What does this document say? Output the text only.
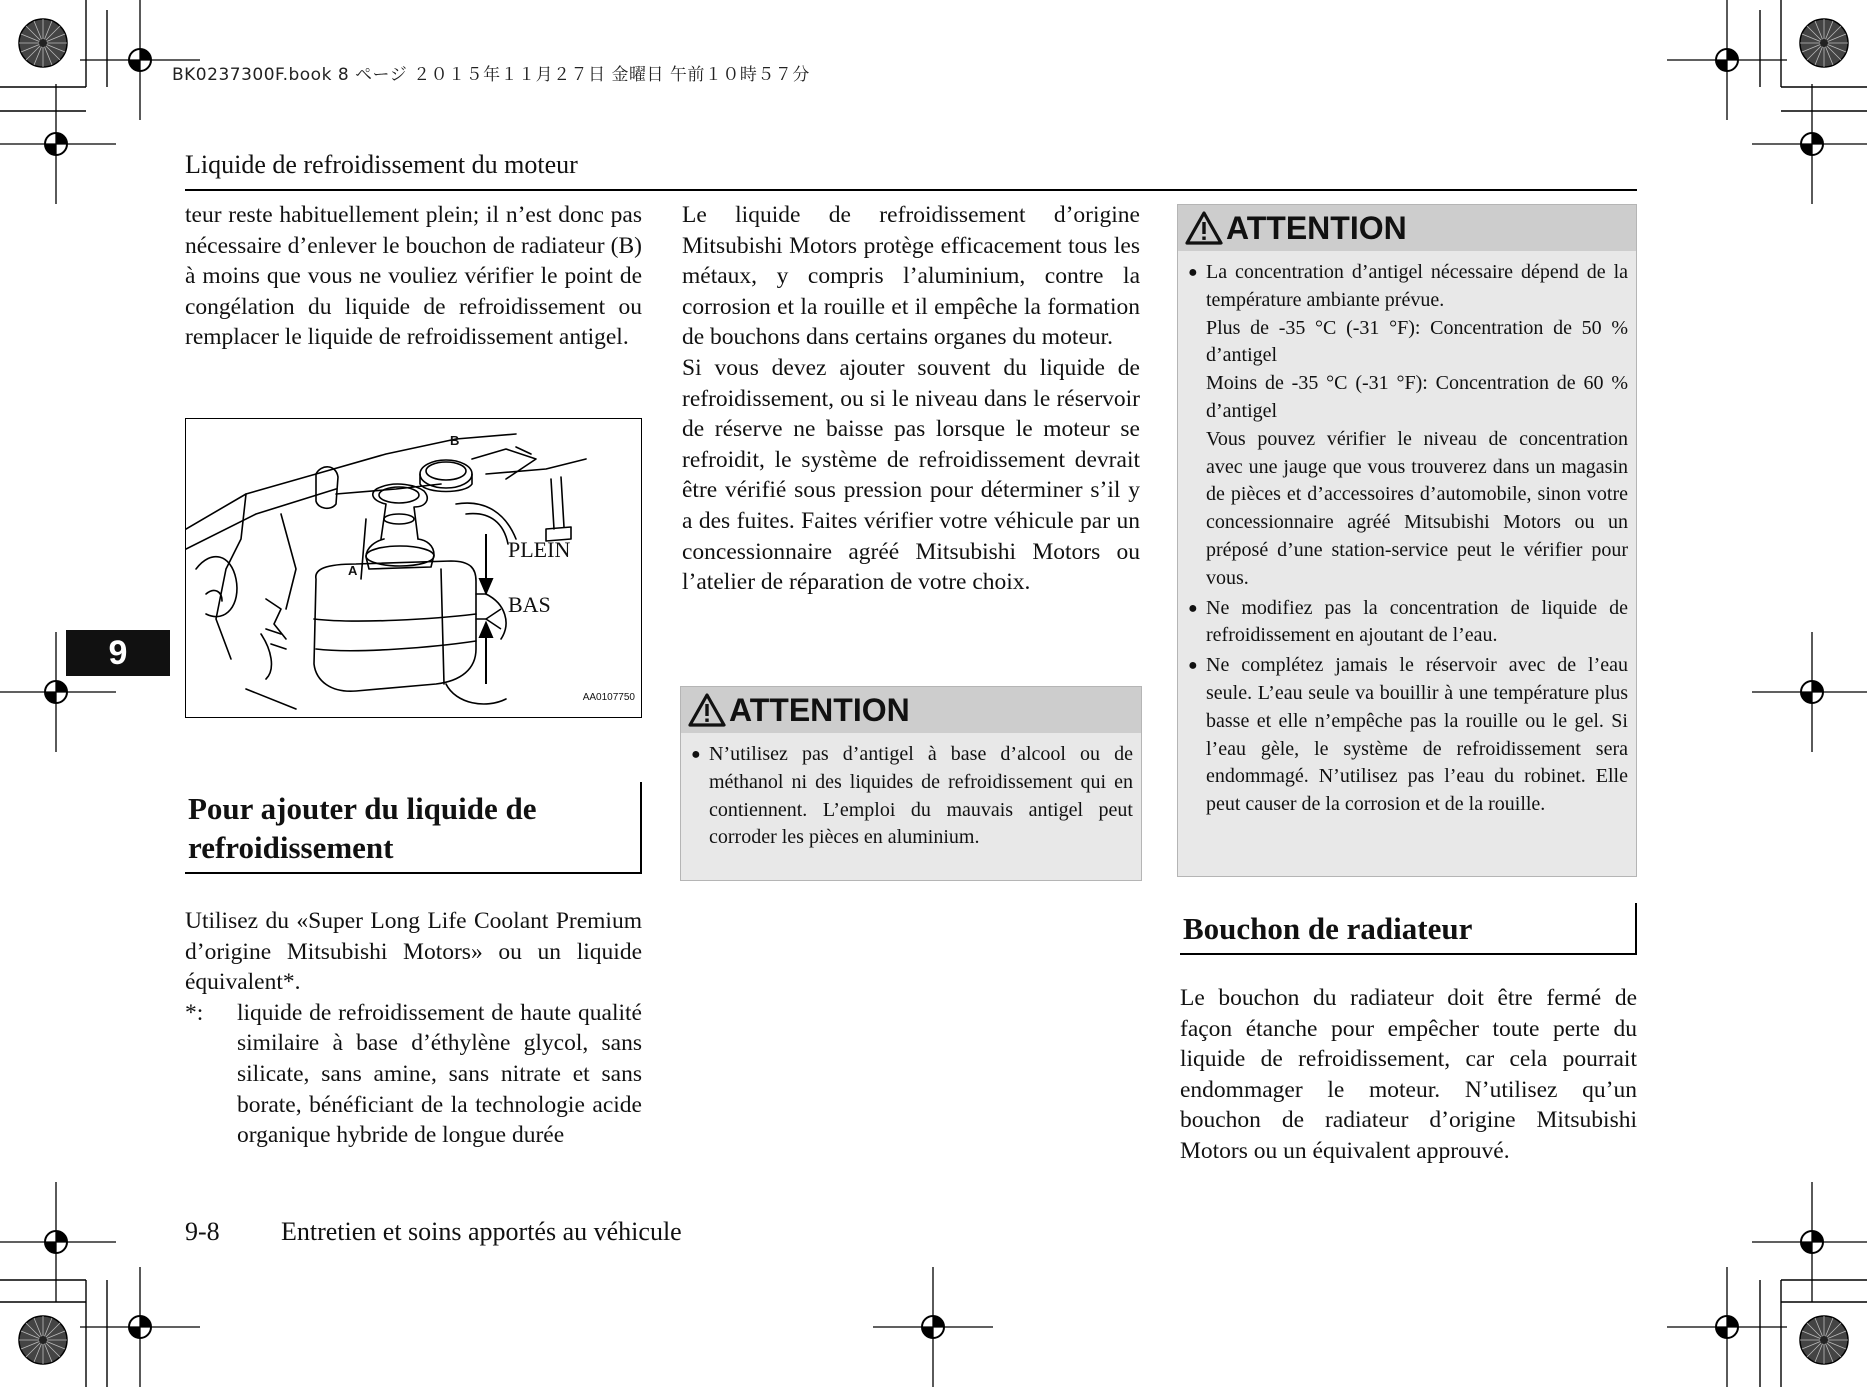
BK0237300F.book 8 ページ ２０１５年１１月２７日 金曜日 午前１０時５７分
Liquide de refroidissement du moteur
9

teur reste habituellement plein; il n’est donc pas nécessaire d’enlever le bouchon de radiateur (B) à moins que vous ne vouliez vérifier le point de congélation du liquide de refroidissement ou remplacer le liquide de refroidissement antigel.

B
A
PLEIN
BAS
AA0107750
Pour ajouter du liquide de refroidissement

Utilisez du «Super Long Life Coolant Premium d’origine Mitsubishi Motors» ou un liquide équivalent*.

*:	liquide de refroidissement de haute qualité similaire à base d’éthylène glycol, sans silicate, sans amine, sans nitrate et sans borate, bénéficiant de la technologie acide organique hybride de longue durée

Le liquide de refroidissement d’origine Mitsubishi Motors protège efficacement tous les métaux, y compris l’aluminium, contre la corrosion et la rouille et il empêche la formation de bouchons dans certains organes du moteur.

Si vous devez ajouter souvent du liquide de refroidissement, ou si le niveau dans le réservoir de réserve ne baisse pas lorsque le moteur se refroidit, le système de refroidissement devrait être vérifié sous pression pour déterminer s’il y a des fuites. Faites vérifier votre véhicule par un concessionnaire agréé Mitsubishi Motors ou l’atelier de réparation de votre choix.

ATTENTION
● N’utilisez pas d’antigel à base d’alcool ou de méthanol ni des liquides de refroidissement qui en contiennent. L’emploi du mauvais antigel peut corroder les pièces en aluminium.
ATTENTION
● La concentration d’antigel nécessaire dépend de la température ambiante prévue.

Plus de -35 °C (-31 °F): Concentration de 50 % d’antigel

Moins de -35 °C (-31 °F): Concentration de 60 % d’antigel

Vous pouvez vérifier le niveau de concentration avec une jauge que vous trouverez dans un magasin de pièces et d’accessoires d’automobile, sinon votre concessionnaire agréé Mitsubishi Motors ou un préposé d’une station-service peut le vérifier pour vous.

● Ne modifiez pas la concentration de liquide de refroidissement en ajoutant de l’eau.
● Ne complétez jamais le réservoir avec de l’eau seule. L’eau seule va bouillir à une température plus basse et elle n’empêche pas la rouille ou le gel. Si l’eau gèle, le système de refroidissement sera endommagé. N’utilisez pas l’eau du robinet. Elle peut causer de la corrosion et de la rouille.
Bouchon de radiateur

Le bouchon du radiateur doit être fermé de façon étanche pour empêcher toute perte du liquide de refroidissement, car cela pourrait endommager le moteur. N’utilisez qu’un bouchon de radiateur d’origine Mitsubishi Motors ou un équivalent approuvé.

9-8 Entretien et soins apportés au véhicule
